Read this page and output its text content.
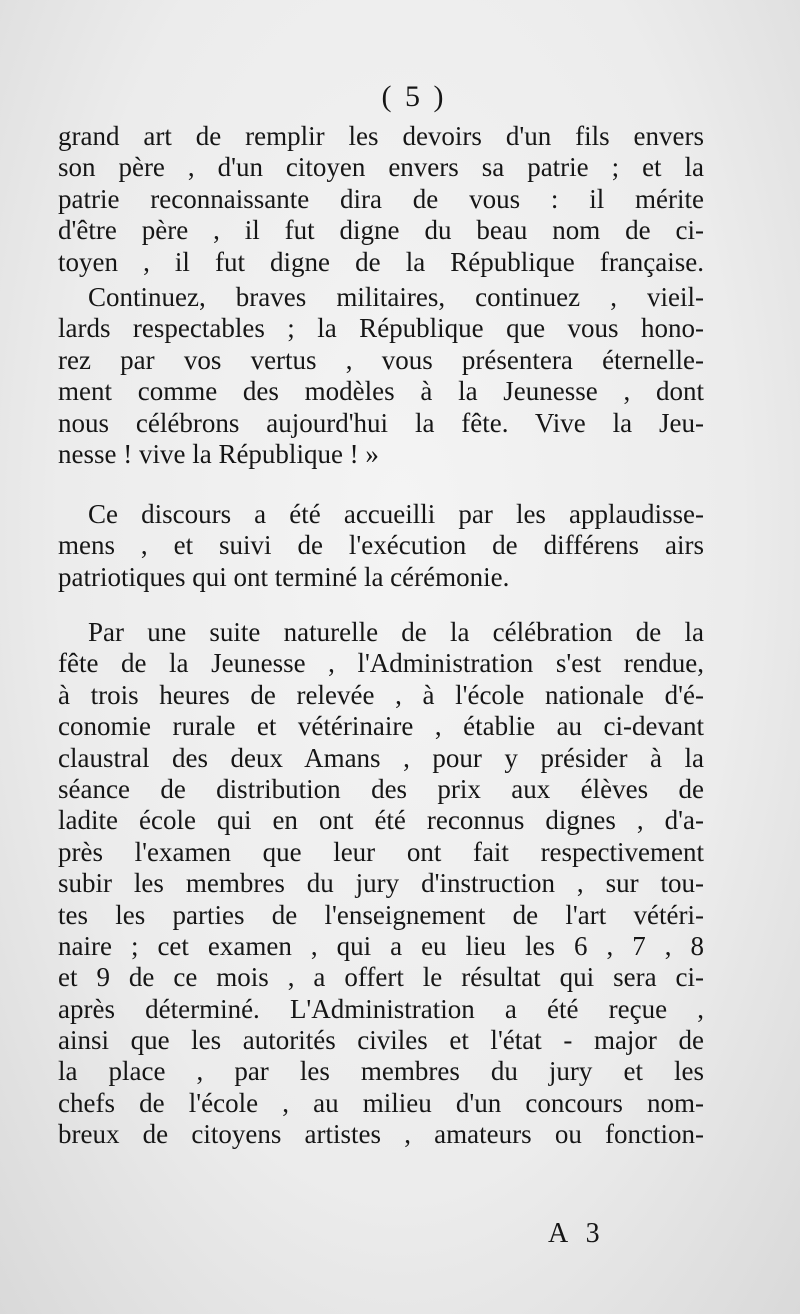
( 5 )
grand art de remplir les devoirs d'un fils envers
son père , d'un citoyen envers sa patrie ; et la
patrie reconnaissante dira de vous : il mérite
d'être père , il fut digne du beau nom de ci-
toyen , il fut digne de la République française.
Continuez, braves militaires, continuez , vieil-
lards respectables ; la République que vous hono-
rez par vos vertus , vous présentera éternelle-
ment comme des modèles à la Jeunesse , dont
nous célébrons aujourd'hui la fête. Vive la Jeu-
nesse ! vive la République ! »
Ce discours a été accueilli par les applaudisse-
mens , et suivi de l'exécution de différens airs
patriotiques qui ont terminé la cérémonie.
Par une suite naturelle de la célébration de la
fête de la Jeunesse , l'Administration s'est rendue,
à trois heures de relevée , à l'école nationale d'é-
conomie rurale et vétérinaire , établie au ci-devant
claustral des deux Amans , pour y présider à la
séance de distribution des prix aux élèves de
ladite école qui en ont été reconnus dignes , d'a-
près l'examen que leur ont fait respectivement
subir les membres du jury d'instruction , sur tou-
tes les parties de l'enseignement de l'art vétéri-
naire ; cet examen , qui a eu lieu les 6 , 7 , 8
et 9 de ce mois , a offert le résultat qui sera ci-
après déterminé. L'Administration a été reçue ,
ainsi que les autorités civiles et l'état - major de
la place , par les membres du jury et les
chefs de l'école , au milieu d'un concours nom-
breux de citoyens artistes , amateurs ou fonction-
A 3
